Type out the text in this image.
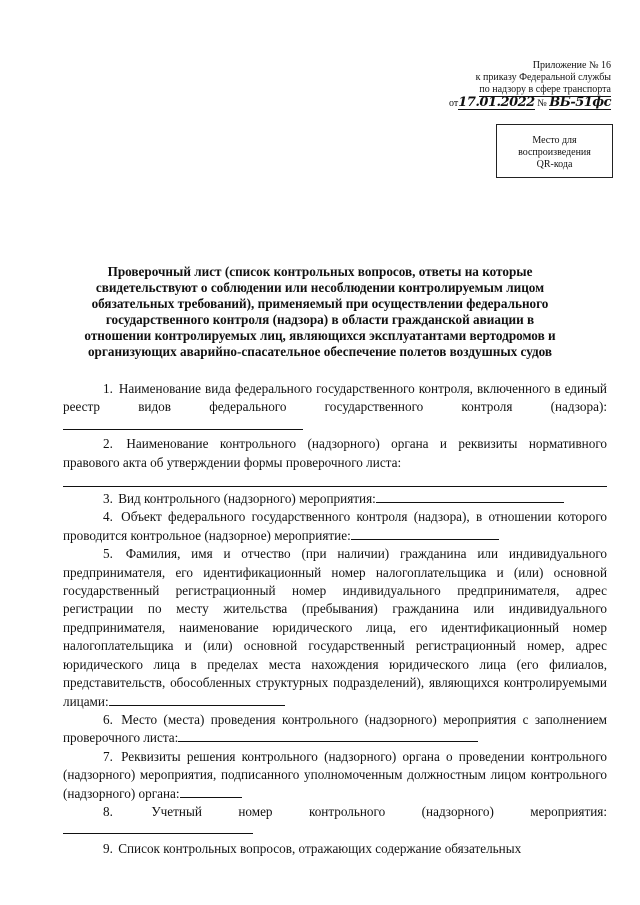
Приложение № 16
к приказу Федеральной службы
по надзору в сфере транспорта
от17.01.2022 № ВБ-51фс
Место для
воспроизведения
QR-кода
Проверочный лист (список контрольных вопросов, ответы на которые свидетельствуют о соблюдении или несоблюдении контролируемым лицом обязательных требований), применяемый при осуществлении федерального государственного контроля (надзора) в области гражданской авиации в отношении контролируемых лиц, являющихся эксплуатантами вертодромов и организующих аварийно-спасательное обеспечение полетов воздушных судов

1. Наименование вида федерального государственного контроля, включенного в единый реестр видов федерального государственного контроля (надзора):

2. Наименование контрольного (надзорного) органа и реквизиты нормативного правового акта об утверждении формы проверочного листа:

3. Вид контрольного (надзорного) мероприятия:

4. Объект федерального государственного контроля (надзора), в отношении которого проводится контрольное (надзорное) мероприятие:

5. Фамилия, имя и отчество (при наличии) гражданина или индивидуального предпринимателя, его идентификационный номер налогоплательщика и (или) основной государственный регистрационный номер индивидуального предпринимателя, адрес регистрации по месту жительства (пребывания) гражданина или индивидуального предпринимателя, наименование юридического лица, его идентификационный номер налогоплательщика и (или) основной государственный регистрационный номер, адрес юридического лица в пределах места нахождения юридического лица (его филиалов, представительств, обособленных структурных подразделений), являющихся контролируемыми лицами:

6. Место (места) проведения контрольного (надзорного) мероприятия с заполнением проверочного листа:

7. Реквизиты решения контрольного (надзорного) органа о проведении контрольного (надзорного) мероприятия, подписанного уполномоченным должностным лицом контрольного (надзорного) органа:

8.	Учетный номер контрольного (надзорного) мероприятия:

9. Список контрольных вопросов, отражающих содержание обязательных
